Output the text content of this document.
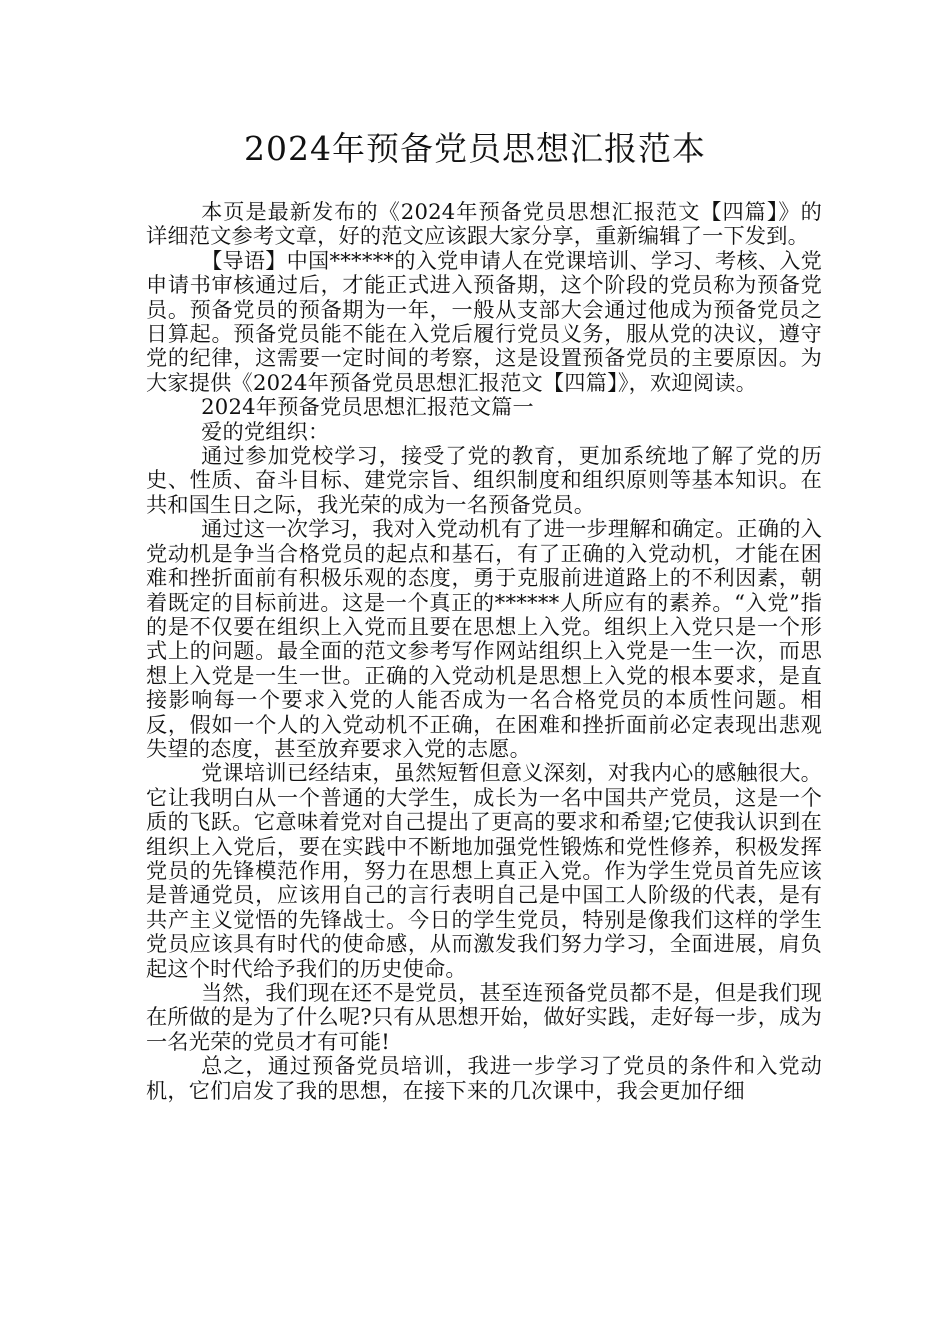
2024年预备党员思想汇报范本

本页是最新发布的《2024年预备党员思想汇报范文【四篇】》的详细范文参考文章，好的范文应该跟大家分享，重新编辑了一下发到。

【导语】中国******的入党申请人在党课培训、学习、考核、入党申请书审核通过后，才能正式进入预备期，这个阶段的党员称为预备党员。预备党员的预备期为一年，一般从支部大会通过他成为预备党员之日算起。预备党员能不能在入党后履行党员义务，服从党的决议，遵守党的纪律，这需要一定时间的考察，这是设置预备党员的主要原因。为大家提供《2024年预备党员思想汇报范文【四篇】》，欢迎阅读。

2024年预备党员思想汇报范文篇一

爱的党组织：

通过参加党校学习，接受了党的教育，更加系统地了解了党的历史、性质、奋斗目标、建党宗旨、组织制度和组织原则等基本知识。在共和国生日之际，我光荣的成为一名预备党员。

通过这一次学习，我对入党动机有了进一步理解和确定。正确的入党动机是争当合格党员的起点和基石，有了正确的入党动机，才能在困难和挫折面前有积极乐观的态度，勇于克服前进道路上的不利因素，朝着既定的目标前进。这是一个真正的******人所应有的素养。“入党”指的是不仅要在组织上入党而且要在思想上入党。组织上入党只是一个形式上的问题。最全面的范文参考写作网站组织上入党是一生一次，而思想上入党是一生一世。正确的入党动机是思想上入党的根本要求，是直接影响每一个要求入党的人能否成为一名合格党员的本质性问题。相反，假如一个人的入党动机不正确，在困难和挫折面前必定表现出悲观失望的态度，甚至放弃要求入党的志愿。

党课培训已经结束，虽然短暂但意义深刻，对我内心的感触很大。它让我明白从一个普通的大学生，成长为一名中国共产党员，这是一个质的飞跃。它意味着党对自己提出了更高的要求和希望;它使我认识到在组织上入党后，要在实践中不断地加强党性锻炼和党性修养，积极发挥党员的先锋模范作用，努力在思想上真正入党。作为学生党员首先应该是普通党员，应该用自己的言行表明自己是中国工人阶级的代表，是有共产主义觉悟的先锋战士。今日的学生党员，特别是像我们这样的学生党员应该具有时代的使命感，从而激发我们努力学习，全面进展，肩负起这个时代给予我们的历史使命。

当然，我们现在还不是党员，甚至连预备党员都不是，但是我们现在所做的是为了什么呢?只有从思想开始，做好实践，走好每一步，成为一名光荣的党员才有可能!

总之，通过预备党员培训，我进一步学习了党员的条件和入党动机，它们启发了我的思想，在接下来的几次课中，我会更加仔细
